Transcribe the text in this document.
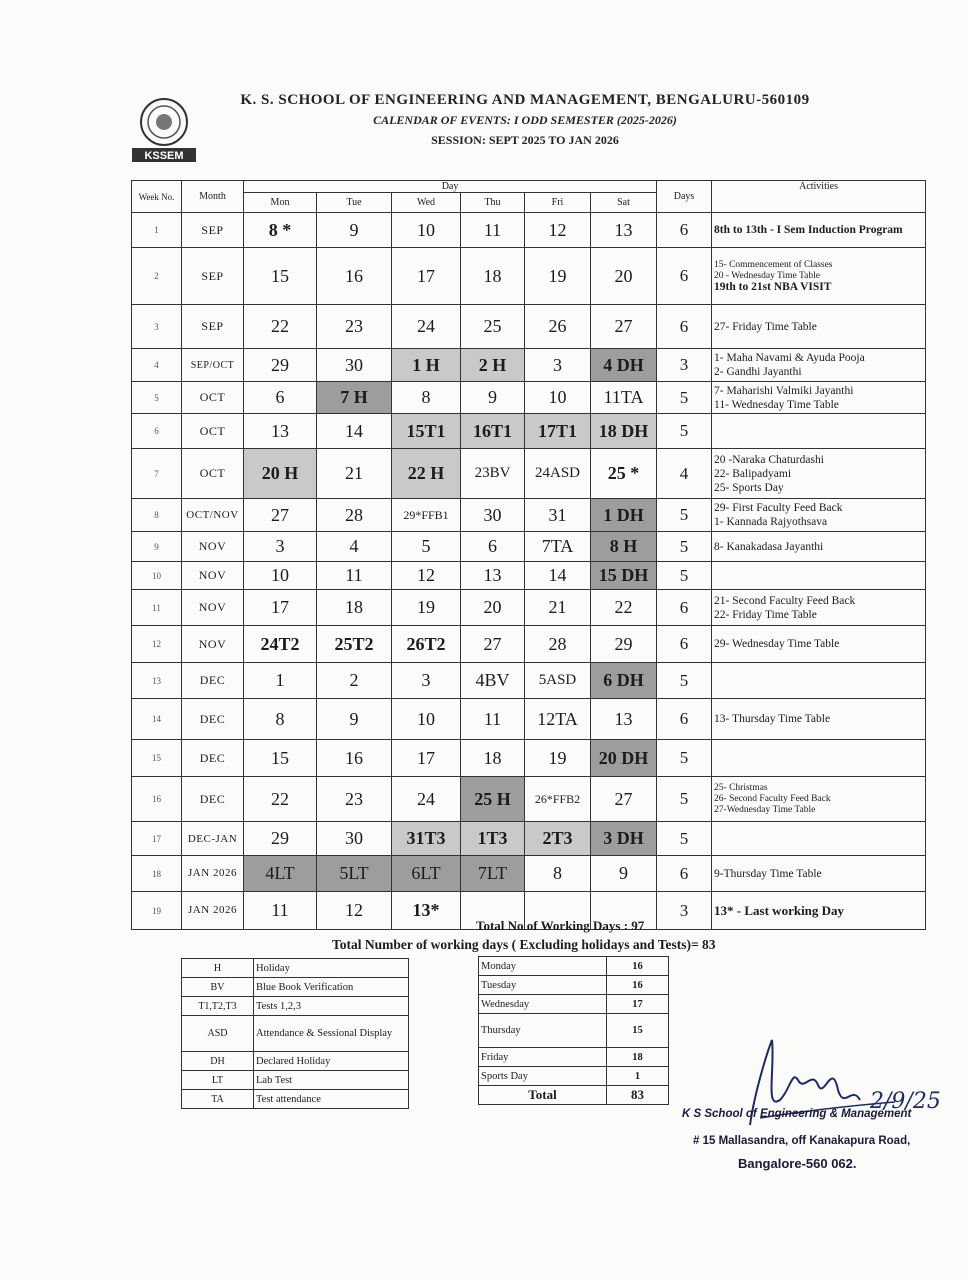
KSSEM
K. S. SCHOOL OF ENGINEERING AND MANAGEMENT, BENGALURU-560109
CALENDAR OF EVENTS: I ODD SEMESTER (2025-2026)
SESSION: SEPT 2025 TO JAN 2026
Week No.	Month	Day						Days	Activities
		Mon	Tue	Wed	Thu	Fri	Sat		
1	SEP	8 *	9	10	11	12	13	6	8th to 13th - I Sem Induction Program
2	SEP	15	16	17	18	19	20	6	15- Commencement of Classes
20 - Wednesday Time Table
19th to 21st NBA VISIT

3	SEP	22	23	24	25	26	27	6	27- Friday Time Table
4	SEP/OCT	29	30	1 H	2 H	3	4 DH	3	1- Maha Navami & Ayuda Pooja
2- Gandhi Jayanthi

5	OCT	6	7 H	8	9	10	11TA	5	7- Maharishi Valmiki Jayanthi
11- Wednesday Time Table

6	OCT	13	14	15T1	16T1	17T1	18 DH	5	
7	OCT	20 H	21	22 H	23BV	24ASD	25 *	4	20 -Naraka Chaturdashi
22- Balipadyami
25- Sports Day

8	OCT/NOV	27	28	29*FFB1	30	31	1 DH	5	29- First Faculty Feed Back
1- Kannada Rajyothsava

9	NOV	3	4	5	6	7TA	8 H	5	8- Kanakadasa Jayanthi
10	NOV	10	11	12	13	14	15 DH	5	
11	NOV	17	18	19	20	21	22	6	21- Second Faculty Feed Back
22- Friday Time Table

12	NOV	24T2	25T2	26T2	27	28	29	6	29- Wednesday Time Table
13	DEC	1	2	3	4BV	5ASD	6 DH	5	
14	DEC	8	9	10	11	12TA	13	6	13- Thursday Time Table
15	DEC	15	16	17	18	19	20 DH	5	
16	DEC	22	23	24	25 H	26*FFB2	27	5	25- Christmas
26- Second Faculty Feed Back
27-Wednesday Time Table

17	DEC-JAN	29	30	31T3	1T3	2T3	3 DH	5	
18	JAN 2026	4LT	5LT	6LT	7LT	8	9	6	9-Thursday Time Table
19	JAN 2026	11	12	13*				3	13* - Last working Day
Total No of Working Days : 97
Total Number of working days ( Excluding holidays and Tests)= 83
H	Holiday
BV	Blue Book Verification
T1,T2,T3	Tests 1,2,3
ASD	Attendance & Sessional Display
DH	Declared Holiday
LT	Lab Test
TA	Test attendance
Monday	16
Tuesday	16
Wednesday	17
Thursday	15
Friday	18
Sports Day	1
Total	83	2/9/25
K S School of Engineering & Management
# 15 Mallasandra, off Kanakapura Road,
Bangalore-560 062.
